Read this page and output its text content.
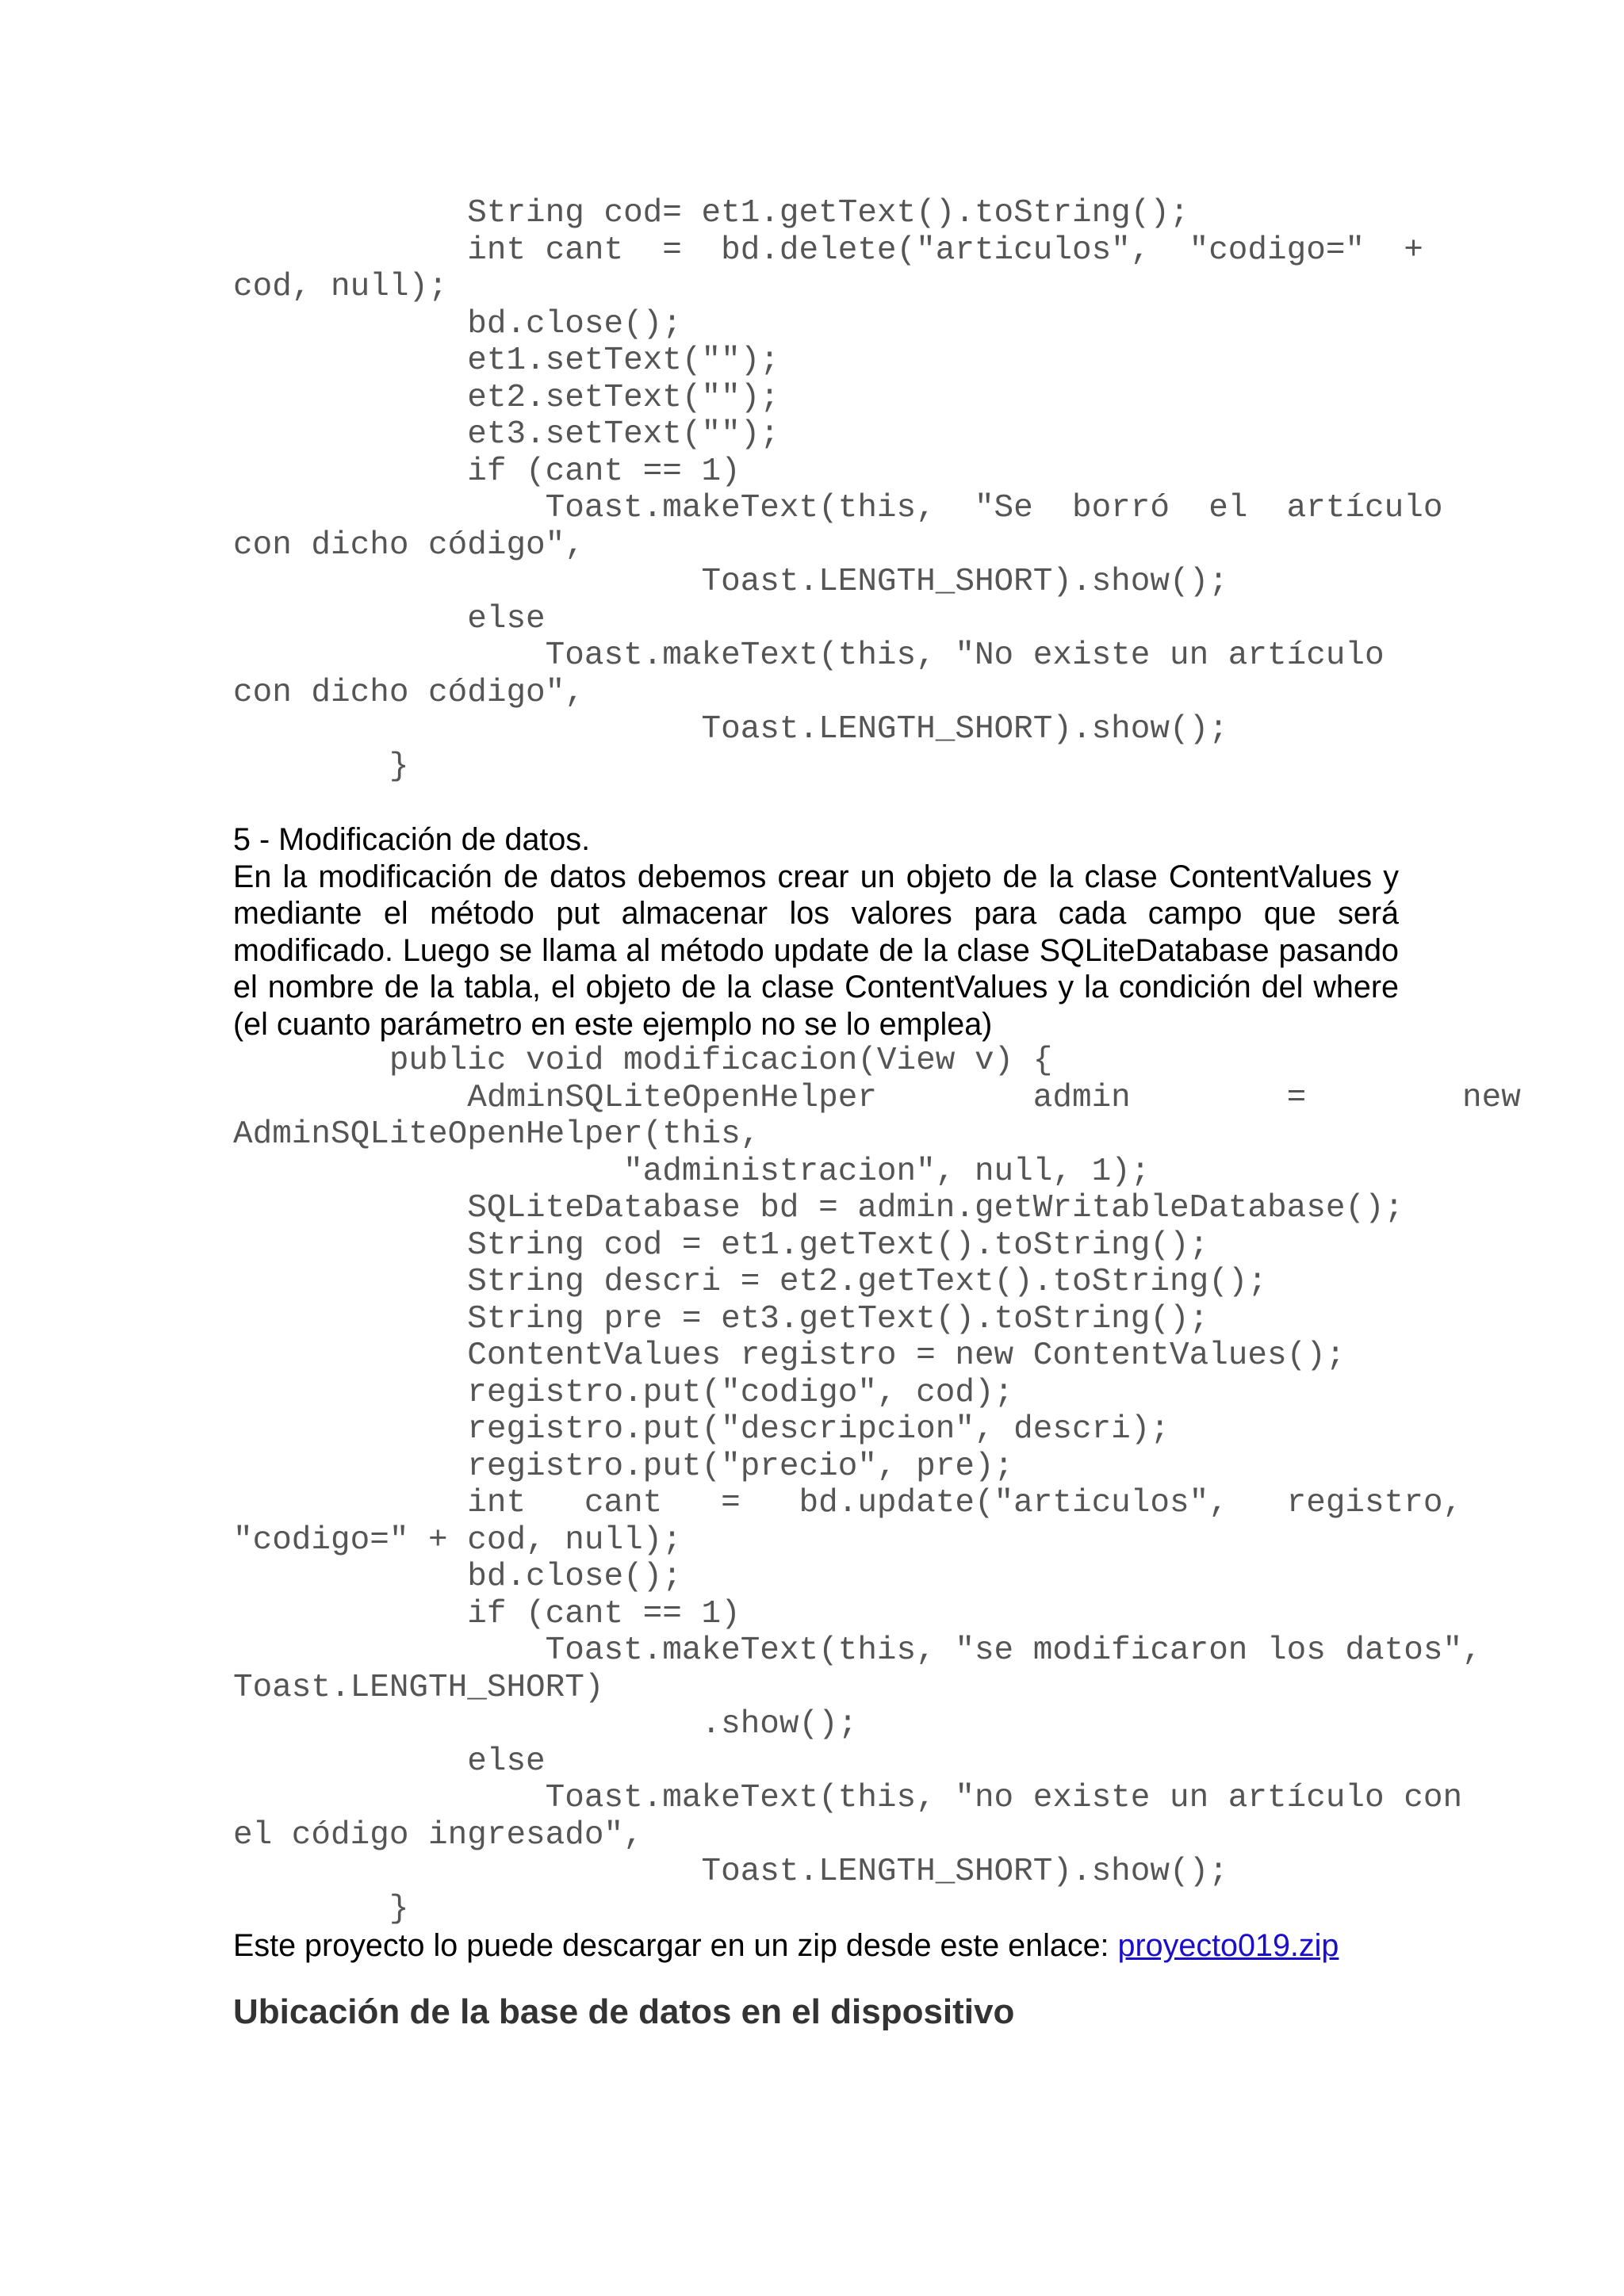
String cod= et1.getText().toString();
int cant  =  bd.delete("articulos",  "codigo="  +
cod, null);
bd.close();
et1.setText("");
et2.setText("");
et3.setText("");
if (cant == 1)
Toast.makeText(this,  "Se  borró  el  artículo
con dicho código",
Toast.LENGTH_SHORT).show();
else
Toast.makeText(this, "No existe un artículo
con dicho código",
Toast.LENGTH_SHORT).show();
}

5 - Modificación de datos.

En la modificación de datos debemos crear un objeto de la clase ContentValues y mediante el método put almacenar los valores para cada campo que será modificado. Luego se llama al método update de la clase SQLiteDatabase pasando el nombre de la tabla, el objeto de la clase ContentValues y la condición del where (el cuanto parámetro en este ejemplo no se lo emplea)

public void modificacion(View v) {
AdminSQLiteOpenHelper        admin        =        new
AdminSQLiteOpenHelper(this,
"administracion", null, 1);
SQLiteDatabase bd = admin.getWritableDatabase();
String cod = et1.getText().toString();
String descri = et2.getText().toString();
String pre = et3.getText().toString();
ContentValues registro = new ContentValues();
registro.put("codigo", cod);
registro.put("descripcion", descri);
registro.put("precio", pre);
int   cant   =   bd.update("articulos",   registro,
"codigo=" + cod, null);
bd.close();
if (cant == 1)
Toast.makeText(this, "se modificaron los datos",
Toast.LENGTH_SHORT)
.show();
else
Toast.makeText(this, "no existe un artículo con
el código ingresado",
Toast.LENGTH_SHORT).show();
}

Este proyecto lo puede descargar en un zip desde este enlace: proyecto019.zip

Ubicación de la base de datos en el dispositivo
